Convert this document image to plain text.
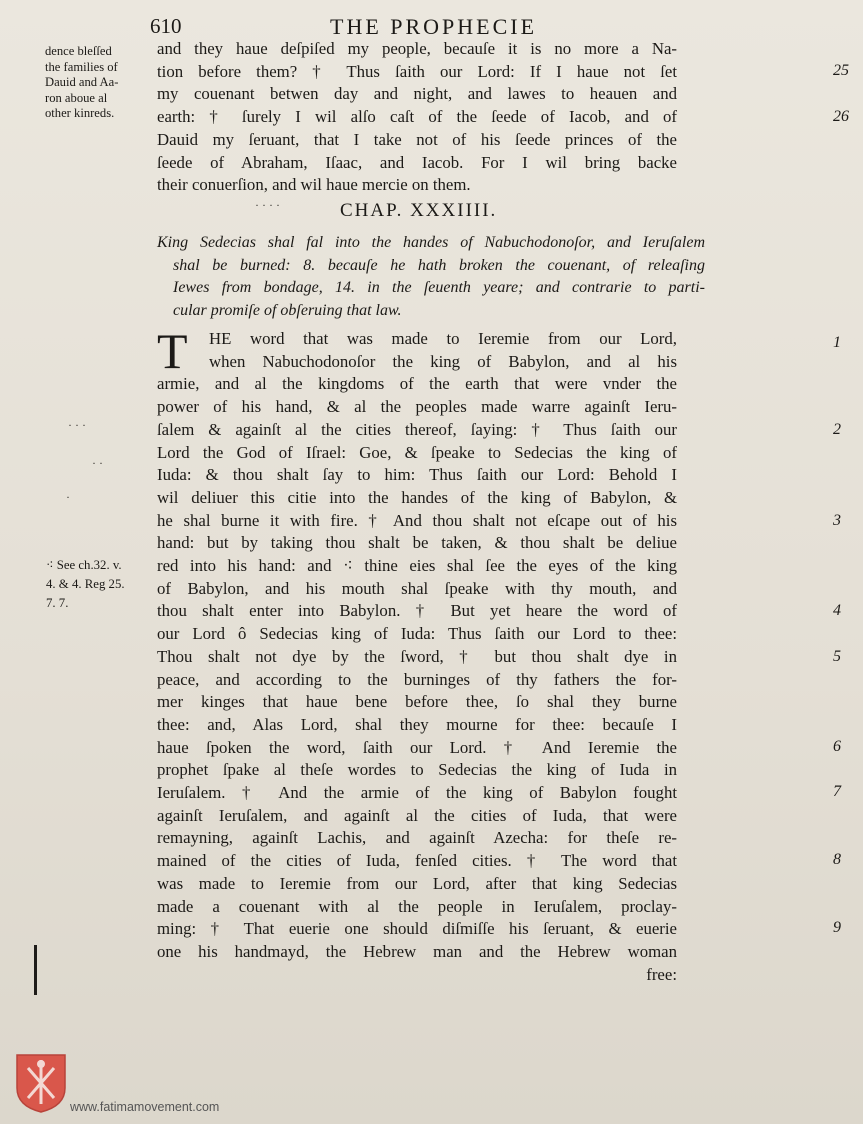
610	THE PROPHECIE
dence bleſſed
the families of
Dauid and Aa-
ron aboue al
other kinreds.
and they haue deſpiſed my people, becauſe it is no more a Na-
tion before them? † Thus ſaith our Lord: If I haue not ſet
my couenant betwen day and night, and lawes to heauen and
earth: † ſurely I wil alſo caſt of the ſeede of Iacob, and of
Dauid my ſeruant, that I take not of his ſeede princes of the
ſeede of Abraham, Iſaac, and Iacob. For I wil bring backe
their conuerſion, and wil haue mercie on them.
25
26
CHAP. XXXIIII.
King Sedecias shal fal into the handes of Nabuchodonoſor, and Ieruſalem
shal be burned: 8. becauſe he hath broken the couenant, of releaſing
Iewes from bondage, 14. in the ſeuenth yeare; and contrarie to parti-
cular promiſe of obſeruing that law.
T HE word that was made to Ieremie from our Lord,
when Nabuchodonoſor the king of Babylon, and al his
armie, and al the kingdoms of the earth that were vnder the
power of his hand, & al the peoples made warre againſt Ieru-
ſalem & againſt al the cities thereof, ſaying: † Thus ſaith our
Lord the God of Iſrael: Goe, & ſpeake to Sedecias the king of
Iuda: & thou shalt ſay to him: Thus ſaith our Lord: Behold I
wil deliuer this citie into the handes of the king of Babylon, &
he shal burne it with fire. † And thou shalt not eſcape out of his
hand: but by taking thou shalt be taken, & thou shalt be deliue
red into his hand: and ⁖ thine eies shal ſee the eyes of the king
of Babylon, and his mouth shal ſpeake with thy mouth, and
thou shalt enter into Babylon. † But yet heare the word of
our Lord ô Sedecias king of Iuda: Thus ſaith our Lord to thee:
Thou shalt not dye by the ſword, † but thou shalt dye in
peace, and according to the burninges of thy fathers the for-
mer kinges that haue bene before thee, ſo shal they burne
thee: and, Alas Lord, shal they mourne for thee: becauſe I
haue ſpoken the word, ſaith our Lord. † And Ieremie the
prophet ſpake al theſe wordes to Sedecias the king of Iuda in
Ieruſalem. † And the armie of the king of Babylon fought
againſt Ieruſalem, and againſt al the cities of Iuda, that were
remayning, againſt Lachis, and againſt Azecha: for theſe re-
mained of the cities of Iuda, fenſed cities. † The word that
was made to Ieremie from our Lord, after that king Sedecias
made a couenant with al the people in Ieruſalem, proclay-
ming: † That euerie one should diſmiſſe his ſeruant, & euerie
one his handmayd, the Hebrew man and the Hebrew woman
free:
1
2
3
4
5
6
7
8
9
⁖ See ch.32. v.
4. & 4. Reg 25.
7. 7.
· · ·
· ·
·
· · · ·
www.fatimamovement.com
